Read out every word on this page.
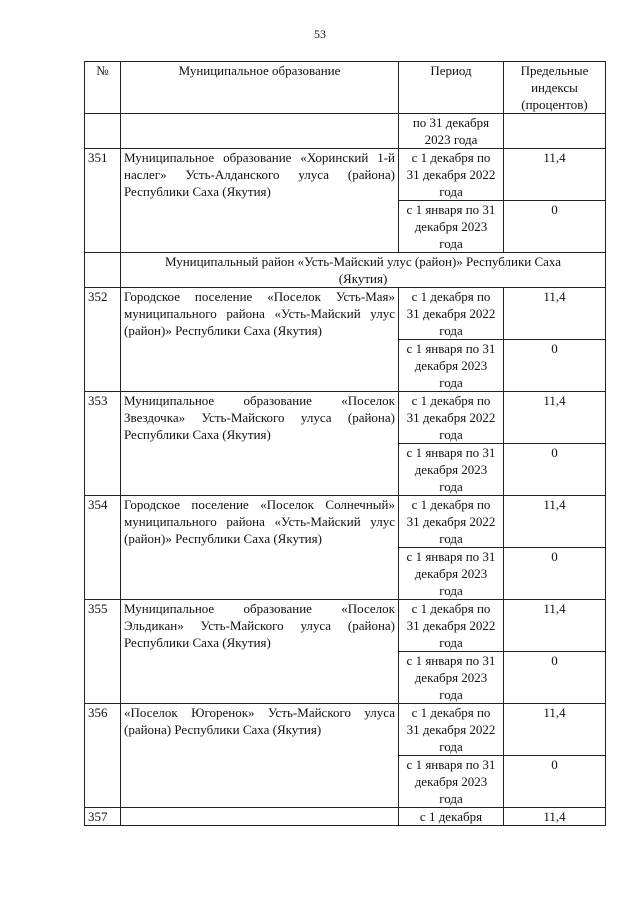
53
№	Муниципальное образование	Период	Предельные индексы (процентов)
		по 31 декабря 2023 года	
351	Муниципальное образование «Хоринский 1-й наслег» Усть-Алданского улуса (района) Республики Саха (Якутия)	с 1 декабря по 31 декабря 2022 года	11,4
		с 1 января по 31 декабря 2023 года	0
	Муниципальный район «Усть-Майский улус (район)» Республики Саха (Якутия)		
352	Городское поселение «Поселок Усть-Мая» муниципального района «Усть-Майский улус (район)» Республики Саха (Якутия)	с 1 декабря по 31 декабря 2022 года	11,4
		с 1 января по 31 декабря 2023 года	0
353	Муниципальное образование «Поселок Звездочка» Усть-Майского улуса (района) Республики Саха (Якутия)	с 1 декабря по 31 декабря 2022 года	11,4
		с 1 января по 31 декабря 2023 года	0
354	Городское поселение «Поселок Солнечный» муниципального района «Усть-Майский улус (район)» Республики Саха (Якутия)	с 1 декабря по 31 декабря 2022 года	11,4
		с 1 января по 31 декабря 2023 года	0
355	Муниципальное образование «Поселок Эльдикан» Усть-Майского улуса (района) Республики Саха (Якутия)	с 1 декабря по 31 декабря 2022 года	11,4
		с 1 января по 31 декабря 2023 года	0
356	«Поселок Югоренок» Усть-Майского улуса (района) Республики Саха (Якутия)	с 1 декабря по 31 декабря 2022 года	11,4
		с 1 января по 31 декабря 2023 года	0
357		с 1 декабря	11,4
